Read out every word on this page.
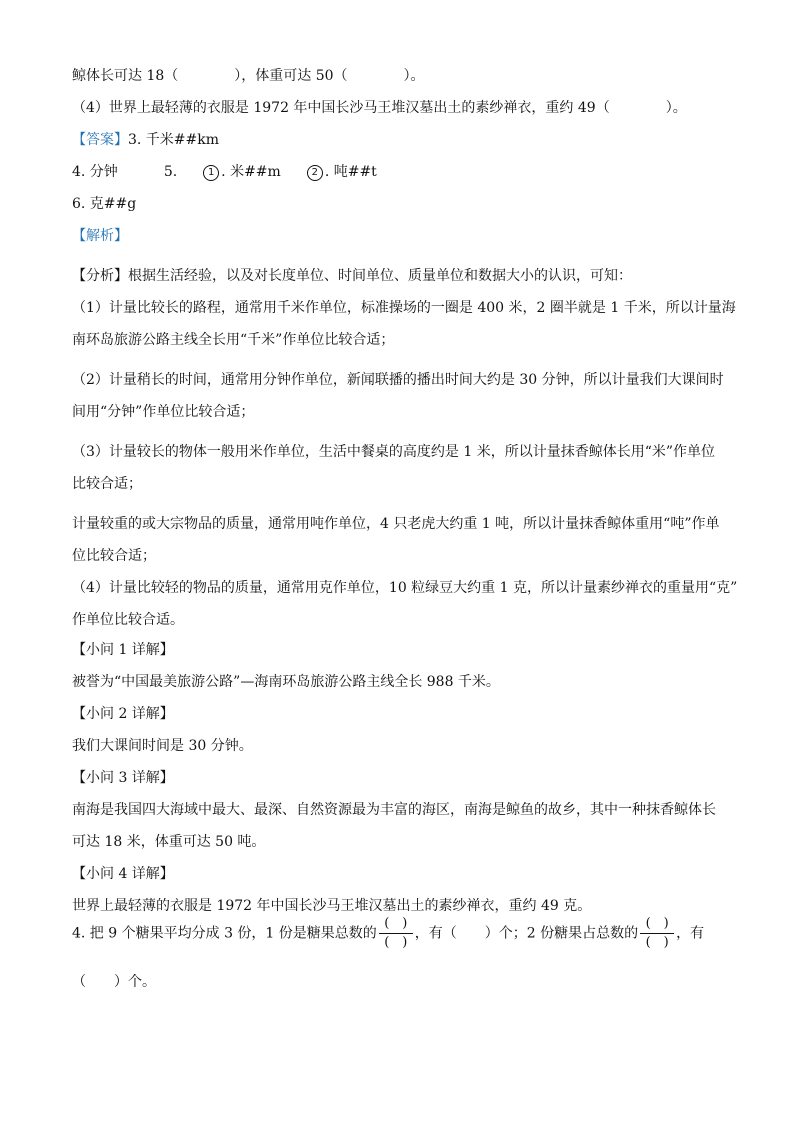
鲸体长可达 18（　　　　），体重可达 50（　　　　）。
（4）世界上最轻薄的衣服是 1972 年中国长沙马王堆汉墓出土的素纱禅衣，重约 49（　　　　）。
【答案】3. 千米##km
4. 分钟	5.	1 . 米##m	2 . 吨##t
6. 克##g
【解析】
【分析】根据生活经验，以及对长度单位、时间单位、质量单位和数据大小的认识，可知：
（1）计量比较长的路程，通常用千米作单位，标准操场的一圈是 400 米，2 圈半就是 1 千米，所以计量海
南环岛旅游公路主线全长用“千米”作单位比较合适；
（2）计量稍长的时间，通常用分钟作单位，新闻联播的播出时间大约是 30 分钟，所以计量我们大课间时
间用“分钟”作单位比较合适；
（3）计量较长的物体一般用米作单位，生活中餐桌的高度约是 1 米，所以计量抹香鲸体长用“米”作单位
比较合适；
计量较重的或大宗物品的质量，通常用吨作单位，4 只老虎大约重 1 吨，所以计量抹香鲸体重用“吨”作单
位比较合适；
（4）计量比较轻的物品的质量，通常用克作单位，10 粒绿豆大约重 1 克，所以计量素纱禅衣的重量用“克”
作单位比较合适。
【小问 1 详解】
被誉为“中国最美旅游公路”—海南环岛旅游公路主线全长 988 千米。
【小问 2 详解】
我们大课间时间是 30 分钟。
【小问 3 详解】
南海是我国四大海域中最大、最深、自然资源最为丰富的海区，南海是鲸鱼的故乡，其中一种抹香鲸体长
可达 18 米，体重可达 50 吨。
【小问 4 详解】
世界上最轻薄的衣服是 1972 年中国长沙马王堆汉墓出土的素纱禅衣，重约 49 克。
4. 把 9 个糖果平均分成 3 份，1 份是糖果总数的 $\frac{( )}{( )}$ ，有（　　）个；2 份糖果占总数的 $\frac{( )}{( )}$ ，有
（　　）个。
